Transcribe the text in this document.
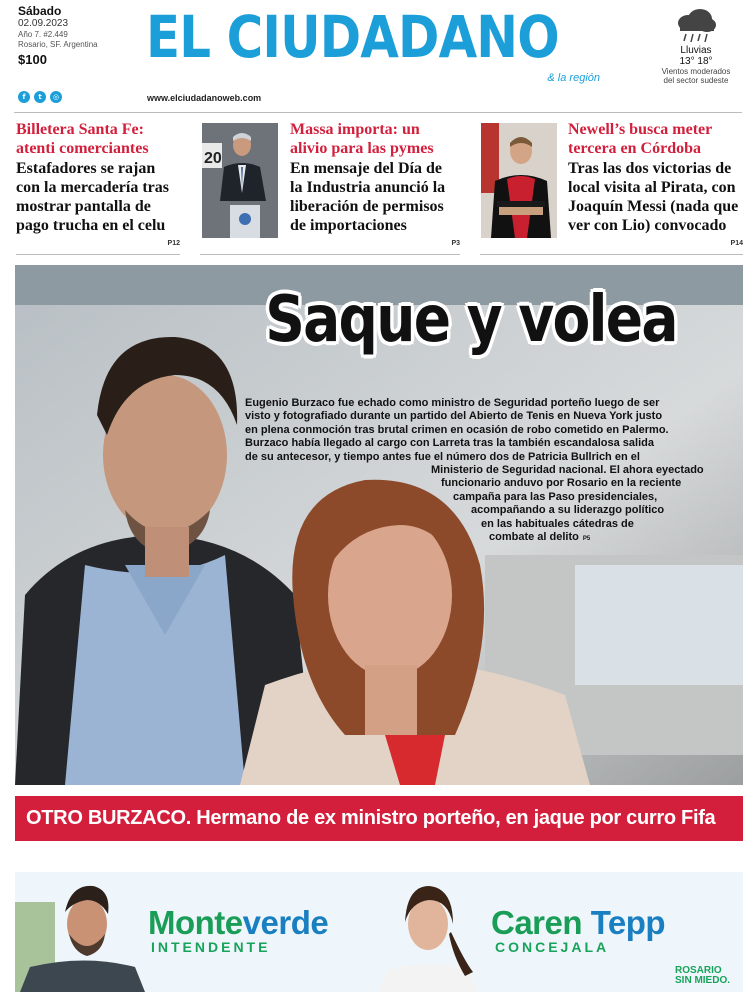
Sábado
02.09.2023
Año 7. #2.449
Rosario, SF. Argentina
$100	EL CIUDADANO
& la región
Lluvias
13° 18°
Vientos moderados
del sector sudeste
f	t	◎	www.elciudadanoweb.com
Billetera Santa Fe:
atenti comerciantes
Estafadores se rajan
con la mercadería tras
mostrar pantalla de
pago trucha en el celu
P12
20
Massa importa: un
alivio para las pymes
En mensaje del Día de
la Industria anunció la
liberación de permisos
de importaciones
P3
Newell’s busca meter
tercera en Córdoba
Tras las dos victorias de
local visita al Pirata, con
Joaquín Messi (nada que
ver con Lio) convocado
P14
Saque y volea
Eugenio Burzaco fue echado como ministro de Seguridad porteño luego de ser
visto y fotografiado durante un partido del Abierto de Tenis en Nueva York justo
en plena conmoción tras brutal crimen en ocasión de robo cometido en Palermo.
Burzaco había llegado al cargo con Larreta tras la también escandalosa salida
de su antecesor, y tiempo antes fue el número dos de Patricia Bullrich en el
Ministerio de Seguridad nacional. El ahora eyectado
funcionario anduvo por Rosario en la reciente
campaña para las Paso presidenciales,
acompañando a su liderazgo político
en las habituales cátedras de
combate al delito P5
OTRO BURZACO. Hermano de ex ministro porteño, en jaque por curro Fifa
Monteverde
INTENDENTE
Caren Tepp
CONCEJALA
ROSARIO
SIN MIEDO.
